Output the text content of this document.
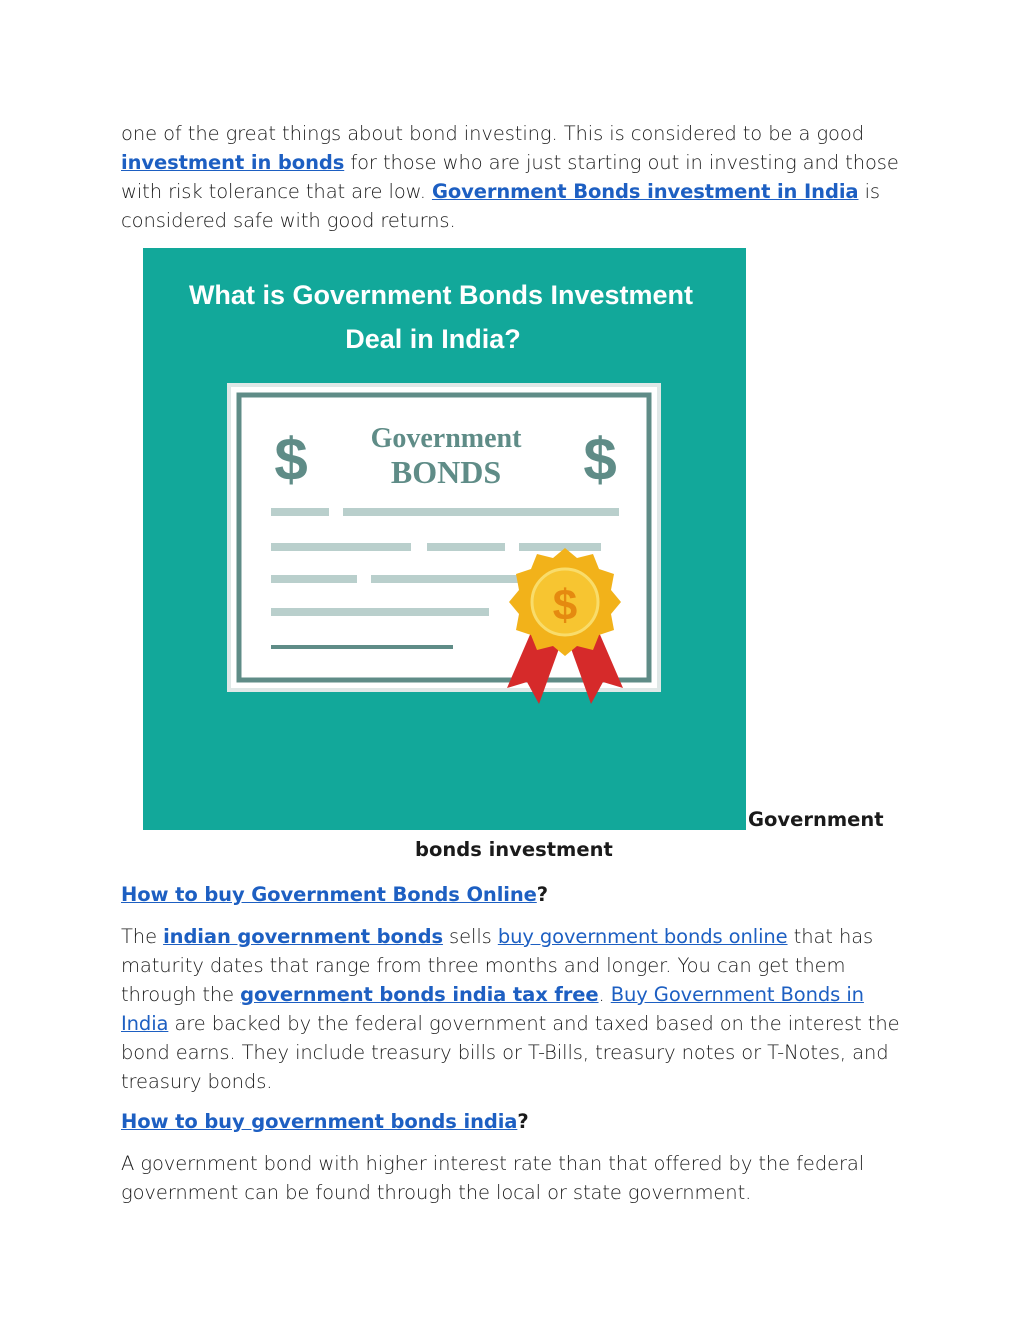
one of the great things about bond investing. This is considered to be a good investment in bonds for those who are just starting out in investing and those with risk tolerance that are low. Government Bonds investment in India is considered safe with good returns.

What is Government Bonds Investment
Deal in India?
$	$
Government
BONDS
$
Government
bonds investment

How to buy Government Bonds Online?

The indian government bonds sells buy government bonds online that has maturity dates that range from three months and longer. You can get them through the government bonds india tax free. Buy Government Bonds in India are backed by the federal government and taxed based on the interest the bond earns. They include treasury bills or T-Bills, treasury notes or T-Notes, and treasury bonds.

How to buy government bonds india?

A government bond with higher interest rate than that offered by the federal government can be found through the local or state government.
